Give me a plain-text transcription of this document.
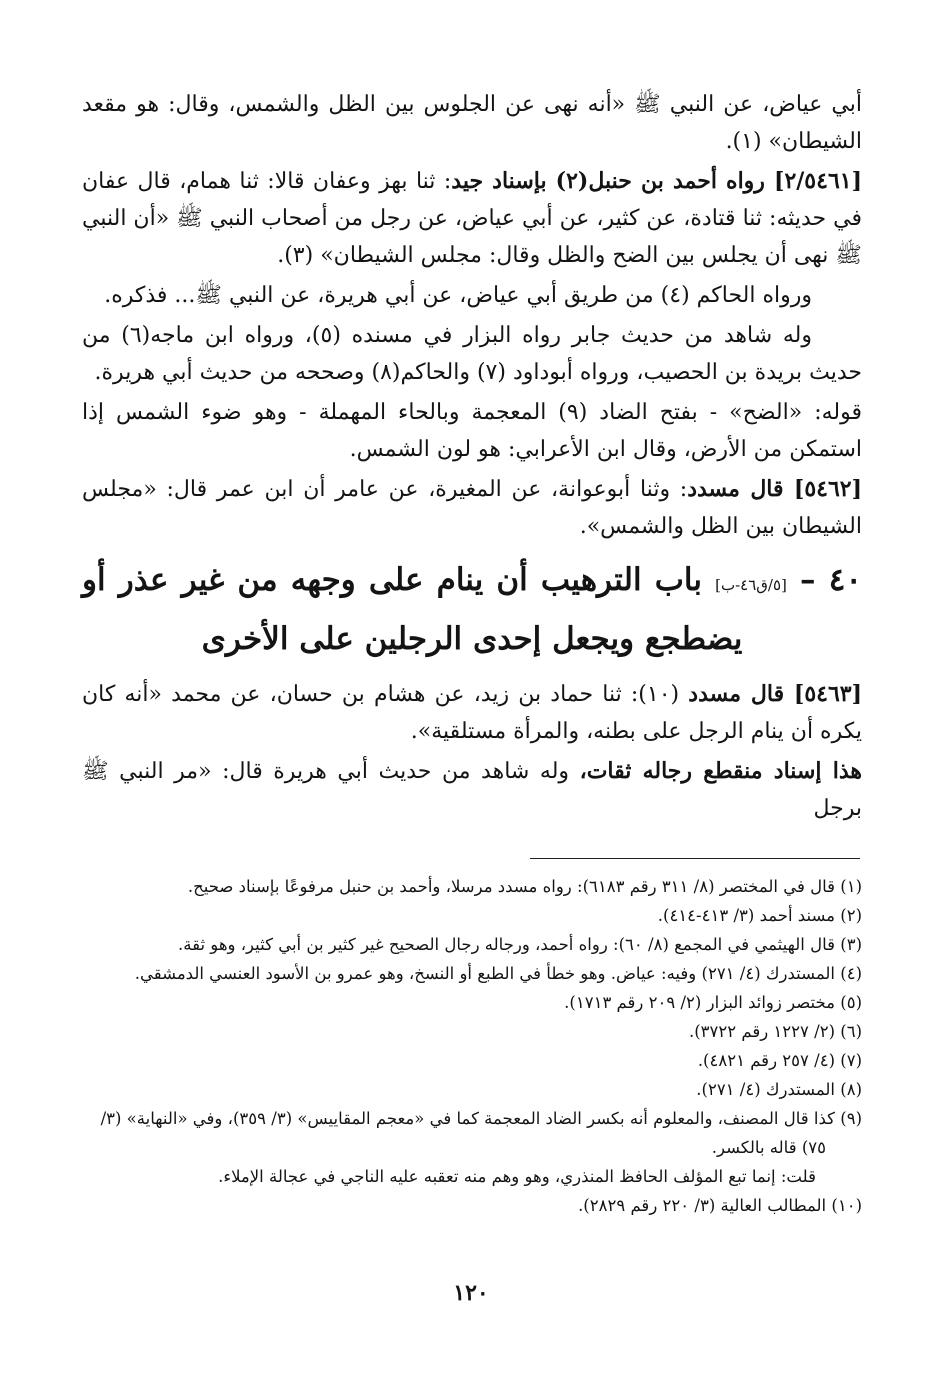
أبي عياض، عن النبي ﷺ «أنه نهى عن الجلوس بين الظل والشمس، وقال: هو مقعد الشيطان» (١).

[٢/٥٤٦١] رواه أحمد بن حنبل(٢) بإسناد جيد: ثنا بهز وعفان قالا: ثنا همام، قال عفان في حديثه: ثنا قتادة، عن كثير، عن أبي عياض، عن رجل من أصحاب النبي ﷺ «أن النبي ﷺ نهى أن يجلس بين الضح والظل وقال: مجلس الشيطان» (٣).

ورواه الحاكم (٤) من طريق أبي عياض، عن أبي هريرة، عن النبي ﷺ... فذكره.

وله شاهد من حديث جابر رواه البزار في مسنده (٥)، ورواه ابن ماجه(٦) من حديث بريدة بن الحصيب، ورواه أبوداود (٧) والحاكم(٨) وصححه من حديث أبي هريرة.

قوله: «الضح» - بفتح الضاد (٩) المعجمة وبالحاء المهملة - وهو ضوء الشمس إذا استمكن من الأرض، وقال ابن الأعرابي: هو لون الشمس.

[٥٤٦٢] قال مسدد: وثنا أبوعوانة، عن المغيرة، عن عامر أن ابن عمر قال: «مجلس الشيطان بين الظل والشمس».

٤٠ – [٥/ق٤٦-ب] باب الترهيب أن ينام على وجهه من غير عذر أو يضطجع ويجعل إحدى الرجلين على الأخرى

[٥٤٦٣] قال مسدد (١٠): ثنا حماد بن زيد، عن هشام بن حسان، عن محمد «أنه كان يكره أن ينام الرجل على بطنه، والمرأة مستلقية».

هذا إسناد منقطع رجاله ثقات، وله شاهد من حديث أبي هريرة قال: «مر النبي ﷺ برجل

(١) قال في المختصر (٨/ ٣١١ رقم ٦١٨٣): رواه مسدد مرسلا، وأحمد بن حنبل مرفوعًا بإسناد صحيح.

(٢) مسند أحمد (٣/ ٤١٣-٤١٤).

(٣) قال الهيثمي في المجمع (٨/ ٦٠): رواه أحمد، ورجاله رجال الصحيح غير كثير بن أبي كثير، وهو ثقة.

(٤) المستدرك (٤/ ٢٧١) وفيه: عياض. وهو خطأ في الطبع أو النسخ، وهو عمرو بن الأسود العنسي الدمشقي.

(٥) مختصر زوائد البزار (٢/ ٢٠٩ رقم ١٧١٣).

(٦) (٢/ ١٢٢٧ رقم ٣٧٢٢).

(٧) (٤/ ٢٥٧ رقم ٤٨٢١).

(٨) المستدرك (٤/ ٢٧١).

(٩) كذا قال المصنف، والمعلوم أنه بكسر الضاد المعجمة كما في «معجم المقاييس» (٣/ ٣٥٩)، وفي «النهاية» (٣/ ٧٥) قاله بالكسر.

قلت: إنما تبع المؤلف الحافظ المنذري، وهو وهم منه تعقبه عليه الناجي في عجالة الإملاء.

(١٠) المطالب العالية (٣/ ٢٢٠ رقم ٢٨٢٩).

١٢٠
